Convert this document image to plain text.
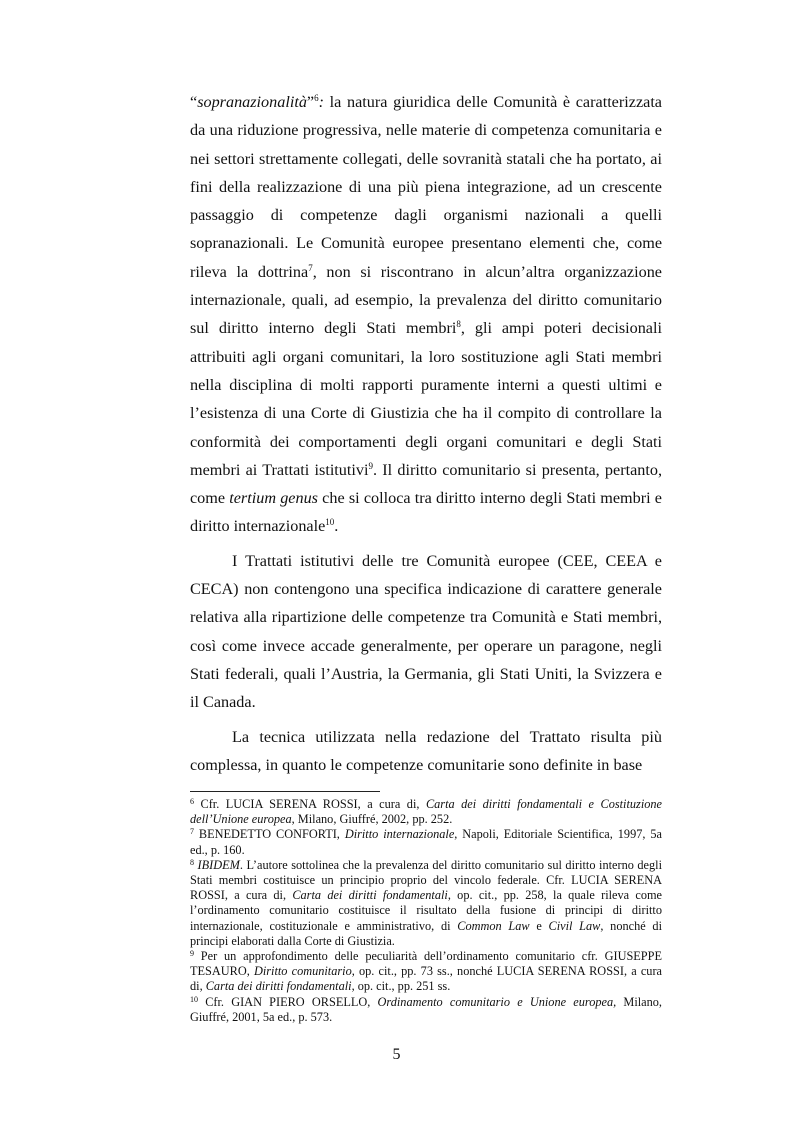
“sopranazionalità”$^6$: la natura giuridica delle Comunità è caratterizzata da una riduzione progressiva, nelle materie di competenza comunitaria e nei settori strettamente collegati, delle sovranità statali che ha portato, ai fini della realizzazione di una più piena integrazione, ad un crescente passaggio di competenze dagli organismi nazionali a quelli sopranazionali. Le Comunità europee presentano elementi che, come rileva la dottrina$^7$, non si riscontrano in alcun’altra organizzazione internazionale, quali, ad esempio, la prevalenza del diritto comunitario sul diritto interno degli Stati membri$^8$, gli ampi poteri decisionali attribuiti agli organi comunitari, la loro sostituzione agli Stati membri nella disciplina di molti rapporti puramente interni a questi ultimi e l’esistenza di una Corte di Giustizia che ha il compito di controllare la conformità dei comportamenti degli organi comunitari e degli Stati membri ai Trattati istitutivi$^9$. Il diritto comunitario si presenta, pertanto, come tertium genus che si colloca tra diritto interno degli Stati membri e diritto internazionale$^{10}$.

I Trattati istitutivi delle tre Comunità europee (CEE, CEEA e CECA) non contengono una specifica indicazione di carattere generale relativa alla ripartizione delle competenze tra Comunità e Stati membri, così come invece accade generalmente, per operare un paragone, negli Stati federali, quali l’Austria, la Germania, gli Stati Uniti, la Svizzera e il Canada.

La tecnica utilizzata nella redazione del Trattato risulta più complessa, in quanto le competenze comunitarie sono definite in base

$^6$ Cfr. LUCIA SERENA ROSSI, a cura di, Carta dei diritti fondamentali e Costituzione dell’Unione europea, Milano, Giuffré, 2002, pp. 252.

$^7$ BENEDETTO CONFORTI, Diritto internazionale, Napoli, Editoriale Scientifica, 1997, 5a ed., p. 160.

$^8$ IBIDEM. L’autore sottolinea che la prevalenza del diritto comunitario sul diritto interno degli Stati membri costituisce un principio proprio del vincolo federale. Cfr. LUCIA SERENA ROSSI, a cura di, Carta dei diritti fondamentali, op. cit., pp. 258, la quale rileva come l’ordinamento comunitario costituisce il risultato della fusione di principi di diritto internazionale, costituzionale e amministrativo, di Common Law e Civil Law, nonché di principi elaborati dalla Corte di Giustizia.

$^9$ Per un approfondimento delle peculiarità dell’ordinamento comunitario cfr. GIUSEPPE TESAURO, Diritto comunitario, op. cit., pp. 73 ss., nonché LUCIA SERENA ROSSI, a cura di, Carta dei diritti fondamentali, op. cit., pp. 251 ss.

$^{10}$ Cfr. GIAN PIERO ORSELLO, Ordinamento comunitario e Unione europea, Milano, Giuffré, 2001, 5a ed., p. 573.

5
